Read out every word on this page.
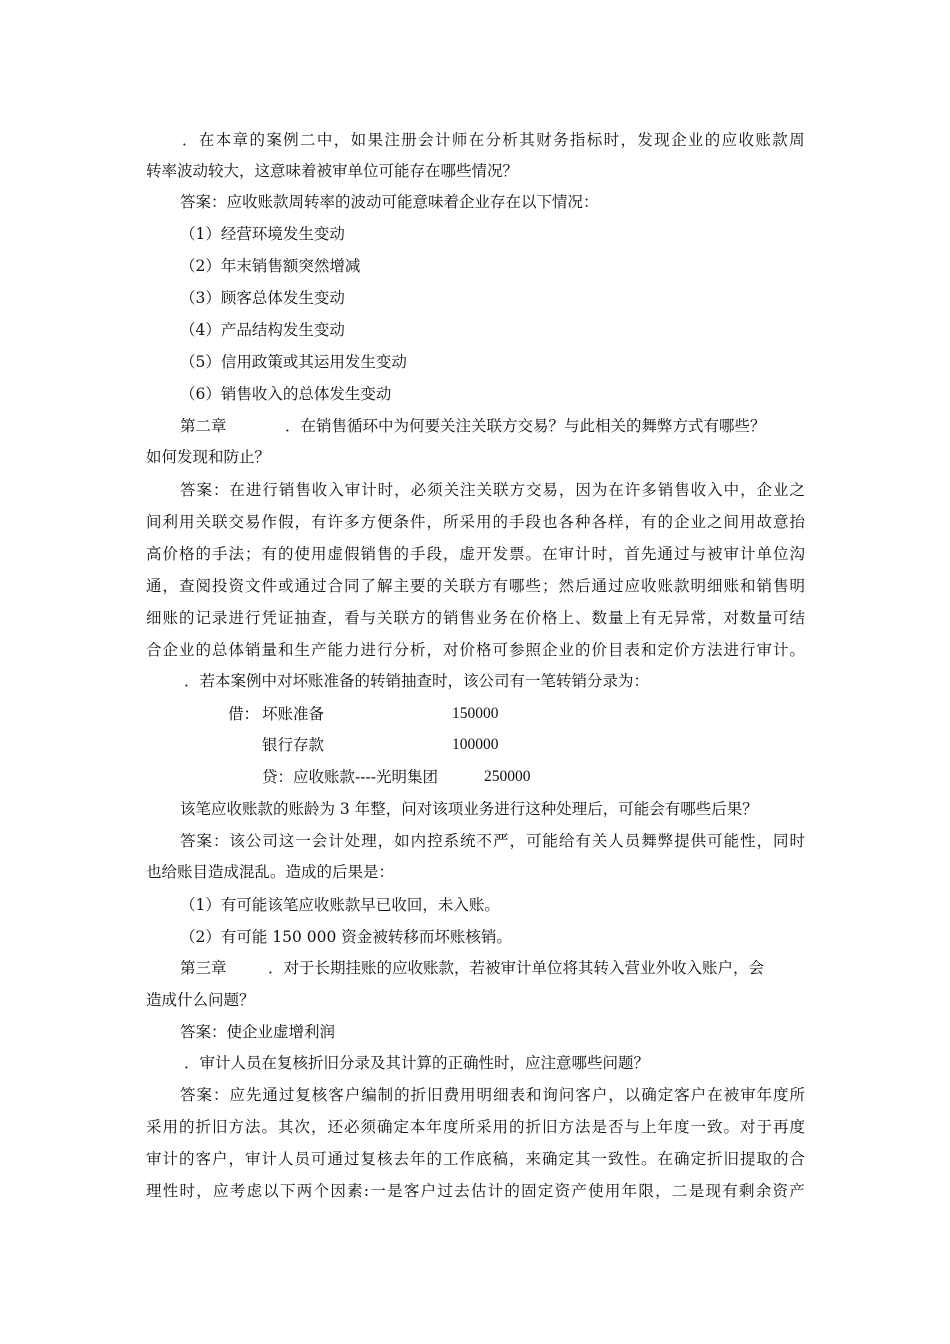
．在本章的案例二中，如果注册会计师在分析其财务指标时，发现企业的应收账款周
转率波动较大，这意味着被审单位可能存在哪些情况？
答案：应收账款周转率的波动可能意味着企业存在以下情况：
（1）经营环境发生变动
（2）年末销售额突然增减
（3）顾客总体发生变动
（4）产品结构发生变动
（5）信用政策或其运用发生变动
（6）销售收入的总体发生变动
第二章	．在销售循环中为何要关注关联方交易？与此相关的舞弊方式有哪些？
如何发现和防止？
答案：在进行销售收入审计时，必须关注关联方交易，因为在许多销售收入中，企业之
间利用关联交易作假，有许多方便条件，所采用的手段也各种各样，有的企业之间用故意抬
高价格的手法；有的使用虚假销售的手段，虚开发票。在审计时，首先通过与被审计单位沟
通，查阅投资文件或通过合同了解主要的关联方有哪些；然后通过应收账款明细账和销售明
细账的记录进行凭证抽查，看与关联方的销售业务在价格上、数量上有无异常，对数量可结
合企业的总体销量和生产能力进行分析，对价格可参照企业的价目表和定价方法进行审计。
．若本案例中对坏账准备的转销抽查时，该公司有一笔转销分录为：
借： 坏账准备	150000
银行存款	100000
贷：应收账款----光明集团	250000
该笔应收账款的账龄为 3 年整，问对该项业务进行这种处理后，可能会有哪些后果？
答案：该公司这一会计处理，如内控系统不严，可能给有关人员舞弊提供可能性，同时
也给账目造成混乱。造成的后果是：
（1）有可能该笔应收账款早已收回，未入账。
（2）有可能 150 000 资金被转移而坏账核销。
第三章	．对于长期挂账的应收账款，若被审计单位将其转入营业外收入账户，会
造成什么问题？
答案：使企业虚增利润
．审计人员在复核折旧分录及其计算的正确性时，应注意哪些问题？
答案：应先通过复核客户编制的折旧费用明细表和询问客户，以确定客户在被审年度所
采用的折旧方法。其次，还必须确定本年度所采用的折旧方法是否与上年度一致。对于再度
审计的客户，审计人员可通过复核去年的工作底稿，来确定其一致性。在确定折旧提取的合
理性时，应考虑以下两个因素:一是客户过去估计的固定资产使用年限，二是现有剩余资产
